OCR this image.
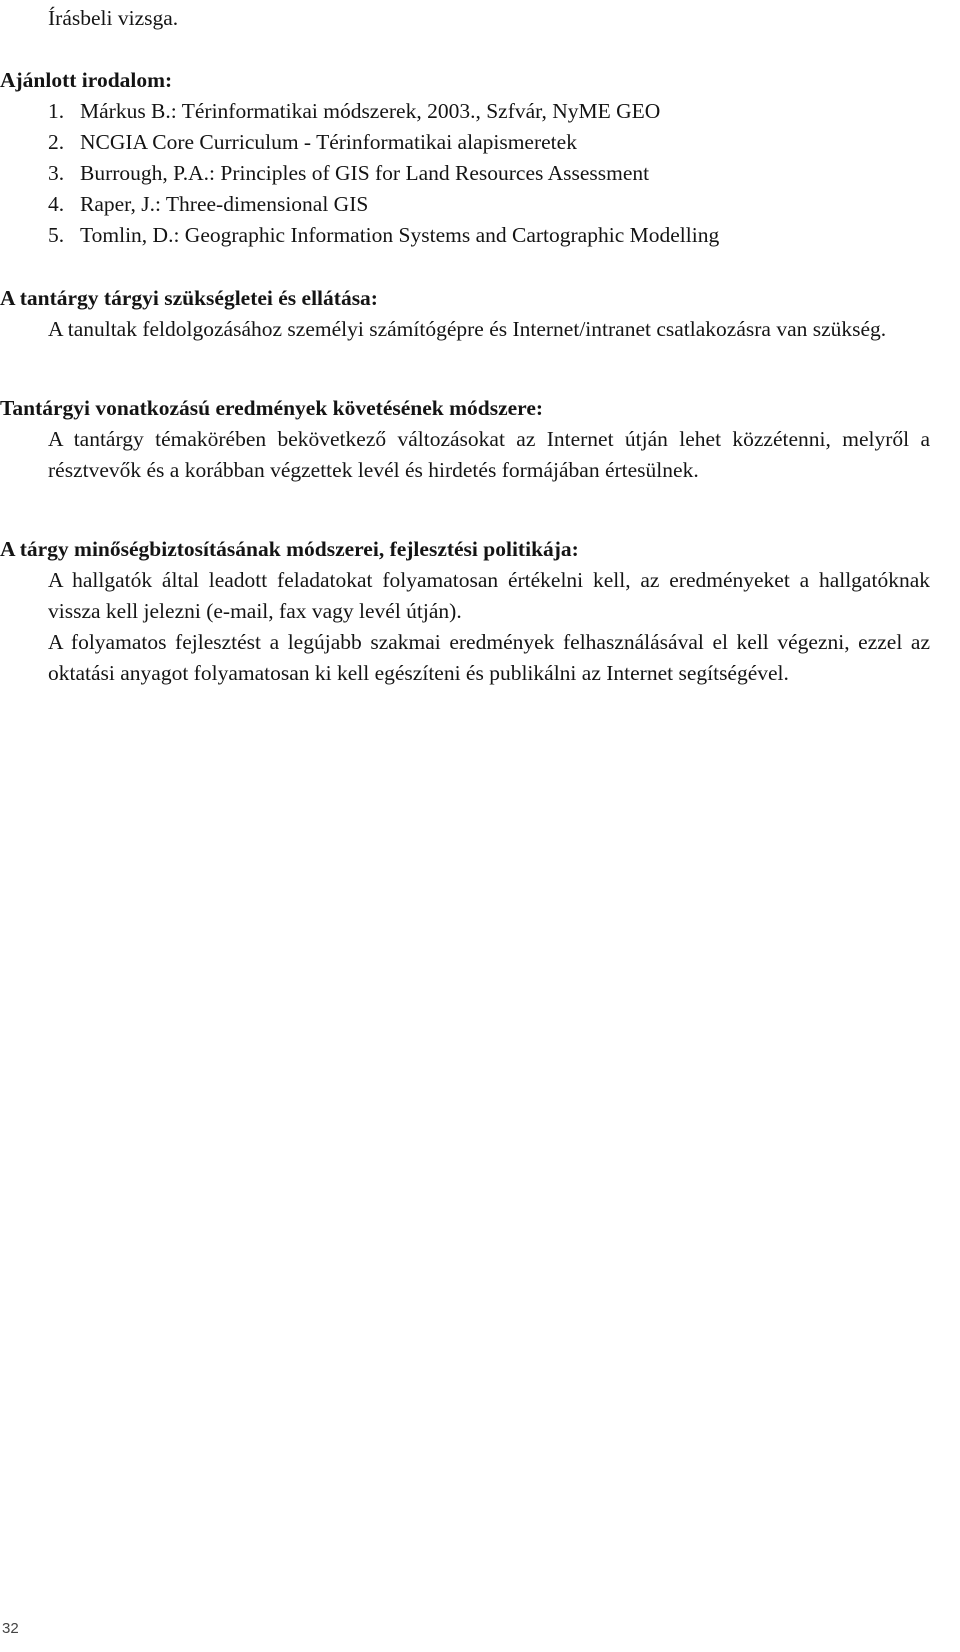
Írásbeli vizsga.

Ajánlott irodalom:
1. Márkus B.: Térinformatikai módszerek, 2003., Szfvár, NyME GEO
2. NCGIA Core Curriculum - Térinformatikai alapismeretek
3. Burrough, P.A.: Principles of GIS for Land Resources Assessment
4. Raper, J.: Three-dimensional GIS
5. Tomlin, D.: Geographic Information Systems and Cartographic Modelling
A tantárgy tárgyi szükségletei és ellátása:

A tanultak feldolgozásához személyi számítógépre és Internet/intranet csatlakozásra van szükség.

Tantárgyi vonatkozású eredmények követésének módszere:

A tantárgy témakörében bekövetkező változásokat az Internet útján lehet közzétenni, melyről a résztvevők és a korábban végzettek levél és hirdetés formájában értesülnek.

A tárgy minőségbiztosításának módszerei, fejlesztési politikája:

A hallgatók által leadott feladatokat folyamatosan értékelni kell, az eredményeket a hallgatóknak vissza kell jelezni (e-mail, fax vagy levél útján).

A folyamatos fejlesztést a legújabb szakmai eredmények felhasználásával el kell végezni, ezzel az oktatási anyagot folyamatosan ki kell egészíteni és publikálni az Internet segítségével.

32
